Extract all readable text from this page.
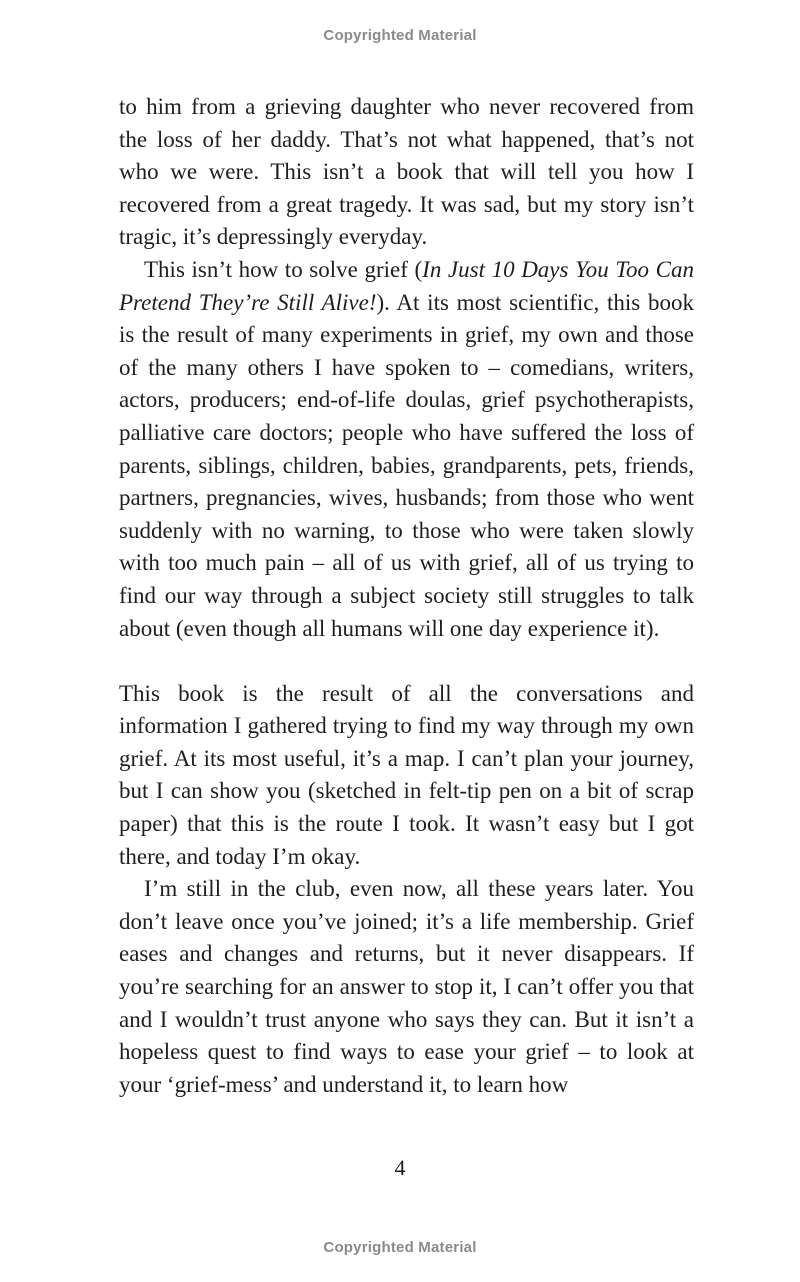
Copyrighted Material

to him from a grieving daughter who never recovered from the loss of her daddy. That’s not what happened, that’s not who we were. This isn’t a book that will tell you how I recovered from a great tragedy. It was sad, but my story isn’t tragic, it’s depressingly everyday.

This isn’t how to solve grief (In Just 10 Days You Too Can Pretend They’re Still Alive!). At its most scientific, this book is the result of many experiments in grief, my own and those of the many others I have spoken to – comedians, writers, actors, producers; end-of-life doulas, grief psychotherapists, palliative care doctors; people who have suffered the loss of parents, siblings, children, babies, grandparents, pets, friends, partners, pregnancies, wives, husbands; from those who went suddenly with no warning, to those who were taken slowly with too much pain – all of us with grief, all of us trying to find our way through a subject society still struggles to talk about (even though all humans will one day experience it).

This book is the result of all the conversations and information I gathered trying to find my way through my own grief. At its most useful, it’s a map. I can’t plan your journey, but I can show you (sketched in felt-tip pen on a bit of scrap paper) that this is the route I took. It wasn’t easy but I got there, and today I’m okay.

I’m still in the club, even now, all these years later. You don’t leave once you’ve joined; it’s a life membership. Grief eases and changes and returns, but it never disappears. If you’re searching for an answer to stop it, I can’t offer you that and I wouldn’t trust anyone who says they can. But it isn’t a hopeless quest to find ways to ease your grief – to look at your ‘grief-mess’ and understand it, to learn how

4
Copyrighted Material
